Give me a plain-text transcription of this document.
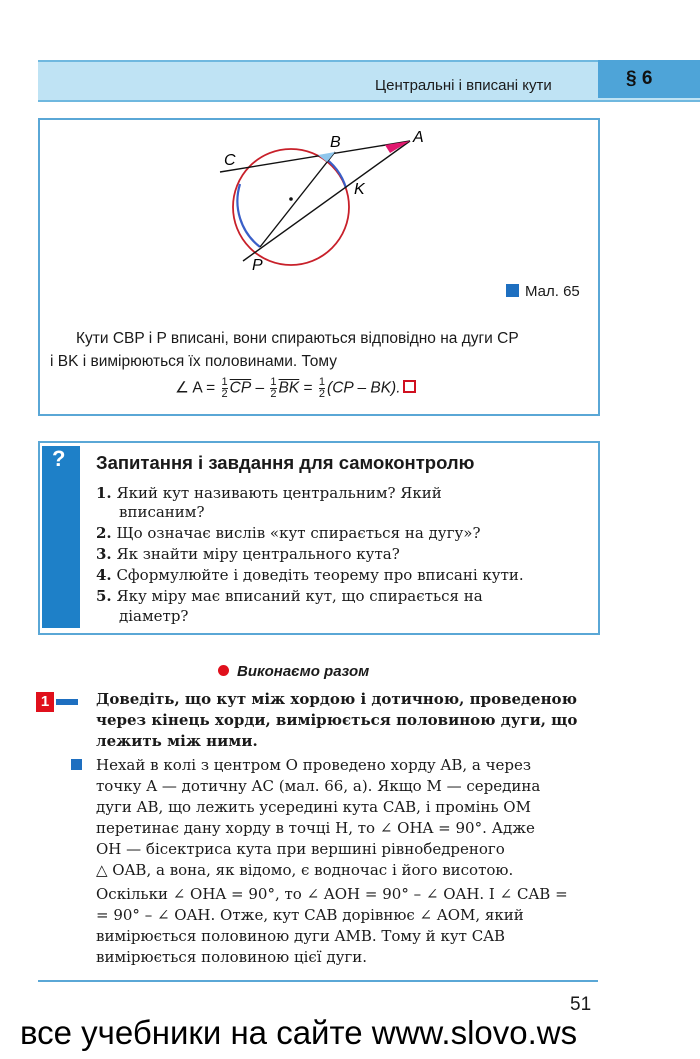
Центральні і вписані кути	§ 6
C
B	A
K
P
Мал. 65
Кути CBP і P вписані, вони спираються відповідно на дуги CP
і BK і вимірюються їх половинами. Тому
∠ $A = \frac{1}{2} \overline{CP} - \frac{1}{2} \overline{BK} = \frac{1}{2} (CP - BK)$.
? Запитання і завдання для самоконтролю
1. Який кут називають центральним? Який
вписаним?
2. Що означає вислів «кут спирається на дугу»?
3. Як знайти міру центрального кута?
4. Сформулюйте і доведіть теорему про вписані кути.
5. Яку міру має вписаний кут, що спирається на
діаметр?
Виконаємо разом
1	Доведіть, що кут між хордою і дотичною, проведеною
через кінець хорди, вимірюється половиною дуги, що
лежить між ними.
Нехай в колі з центром O проведено хорду AB, а через
точку A — дотичну AC (мал. 66, a). Якщо M — середина
дуги AB, що лежить усередині кута CAB, і промінь OM
перетинає дану хорду в точці H, то ∠ OHA = 90°. Адже
OH — бісектриса кута при вершині рівнобедреного
△ OAB, а вона, як відомо, є водночас і його висотою.
Оскільки ∠ OHA = 90°, то ∠ AOH = 90° – ∠ OAH. І ∠ CAB =
= 90° – ∠ OAH. Отже, кут CAB дорівнює ∠ AOM, який
вимірюється половиною дуги AMB. Тому й кут CAB
вимірюється половиною цієї дуги.
51
все учебники на сайте www.slovo.ws
